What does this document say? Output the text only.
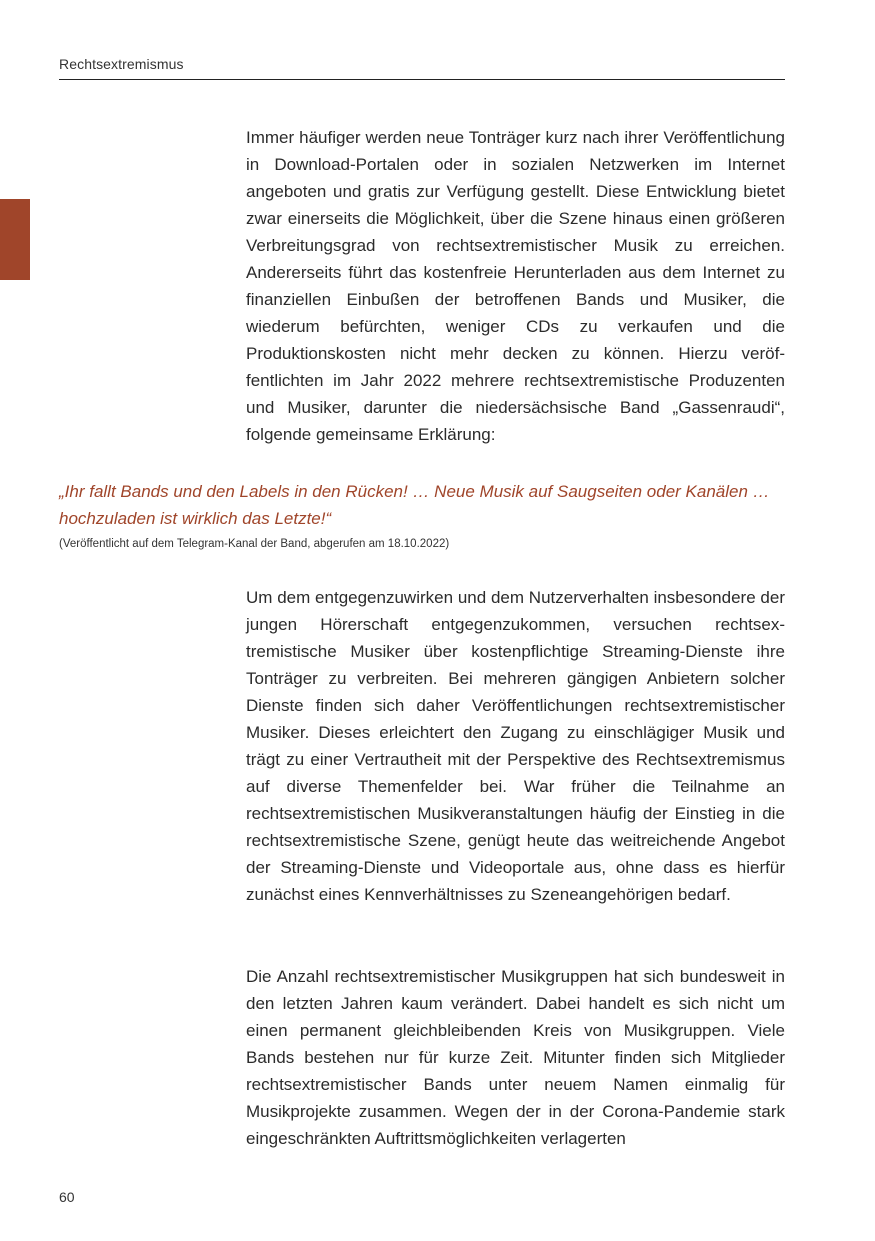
Rechtsextremismus

Immer häufiger werden neue Tonträger kurz nach ihrer Veröffentlichung in Download-Portalen oder in sozialen Netzwerken im Internet angeboten und gratis zur Verfügung gestellt. Diese Entwicklung bietet zwar einerseits die Möglichkeit, über die Szene hinaus einen größeren Verbreitungsgrad von rechtsextremistischer Musik zu erreichen. Andererseits führt das kostenfreie Herunterladen aus dem Internet zu finanziellen Einbußen der betroffenen Bands und Musiker, die wiederum befürchten, weniger CDs zu verkaufen und die Produktionskosten nicht mehr decken zu können. Hierzu veröffentlichten im Jahr 2022 mehrere rechtsextremistische Produzenten und Musiker, darunter die niedersächsische Band „Gassenraudi“, folgende gemeinsame Erklärung:

„Ihr fallt Bands und den Labels in den Rücken! … Neue Musik auf Saugseiten oder Kanälen … hochzuladen ist wirklich das Letzte!“

(Veröffentlicht auf dem Telegram-Kanal der Band, abgerufen am 18.10.2022)

Um dem entgegenzuwirken und dem Nutzerverhalten insbesondere der jungen Hörerschaft entgegenzukommen, versuchen rechtsextremistische Musiker über kostenpflichtige Streaming-Dienste ihre Tonträger zu verbreiten. Bei mehreren gängigen Anbietern solcher Dienste finden sich daher Veröffentlichungen rechtsextremistischer Musiker. Dieses erleichtert den Zugang zu einschlägiger Musik und trägt zu einer Vertrautheit mit der Perspektive des Rechtsextremismus auf diverse Themenfelder bei. War früher die Teilnahme an rechtsextremistischen Musikveranstaltungen häufig der Einstieg in die rechtsextremistische Szene, genügt heute das weitreichende Angebot der Streaming-Dienste und Videoportale aus, ohne dass es hierfür zunächst eines Kennverhältnisses zu Szeneangehörigen bedarf.

Die Anzahl rechtsextremistischer Musikgruppen hat sich bundesweit in den letzten Jahren kaum verändert. Dabei handelt es sich nicht um einen permanent gleichbleibenden Kreis von Musikgruppen. Viele Bands bestehen nur für kurze Zeit. Mitunter finden sich Mitglieder rechtsextremistischer Bands unter neuem Namen einmalig für Musikprojekte zusammen. Wegen der in der Corona-Pandemie stark eingeschränkten Auftrittsmöglichkeiten verlagerten

60
